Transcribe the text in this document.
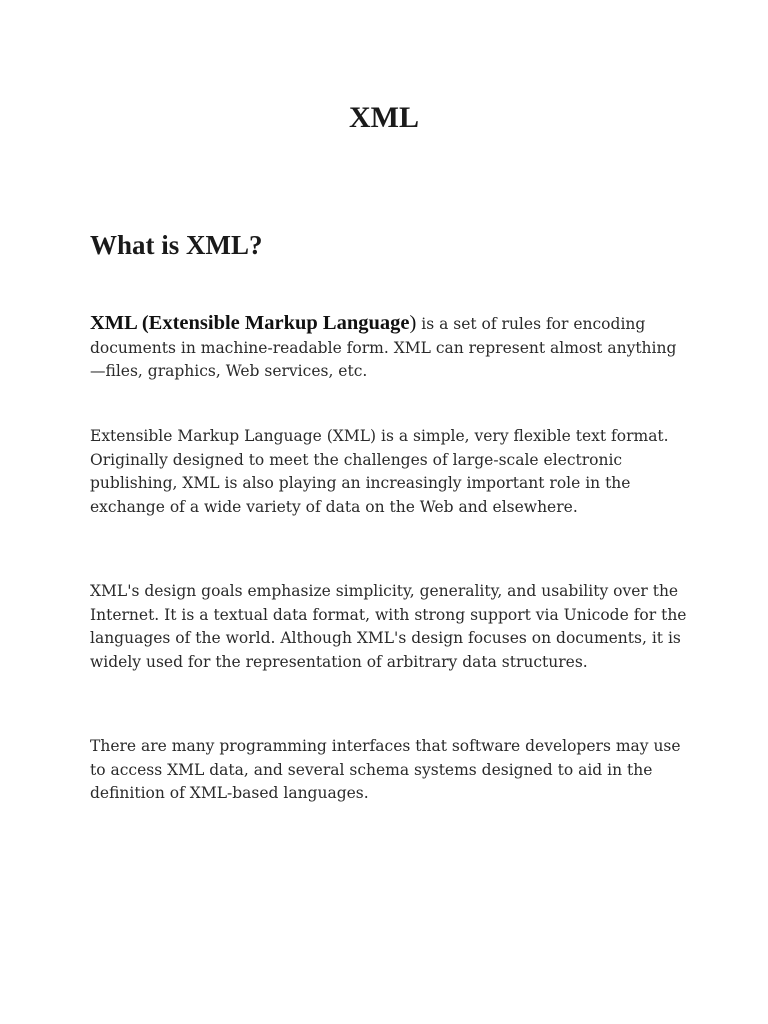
XML
What is XML?

XML (Extensible Markup Language) is a set of rules for encoding documents in machine-readable form. XML can represent almost anything—files, graphics, Web services, etc.

Extensible Markup Language (XML) is a simple, very flexible text format. Originally designed to meet the challenges of large-scale electronic publishing, XML is also playing an increasingly important role in the exchange of a wide variety of data on the Web and elsewhere.

XML's design goals emphasize simplicity, generality, and usability over the Internet. It is a textual data format, with strong support via Unicode for the languages of the world. Although XML's design focuses on documents, it is widely used for the representation of arbitrary data structures.

There are many programming interfaces that software developers may use to access XML data, and several schema systems designed to aid in the definition of XML-based languages.
